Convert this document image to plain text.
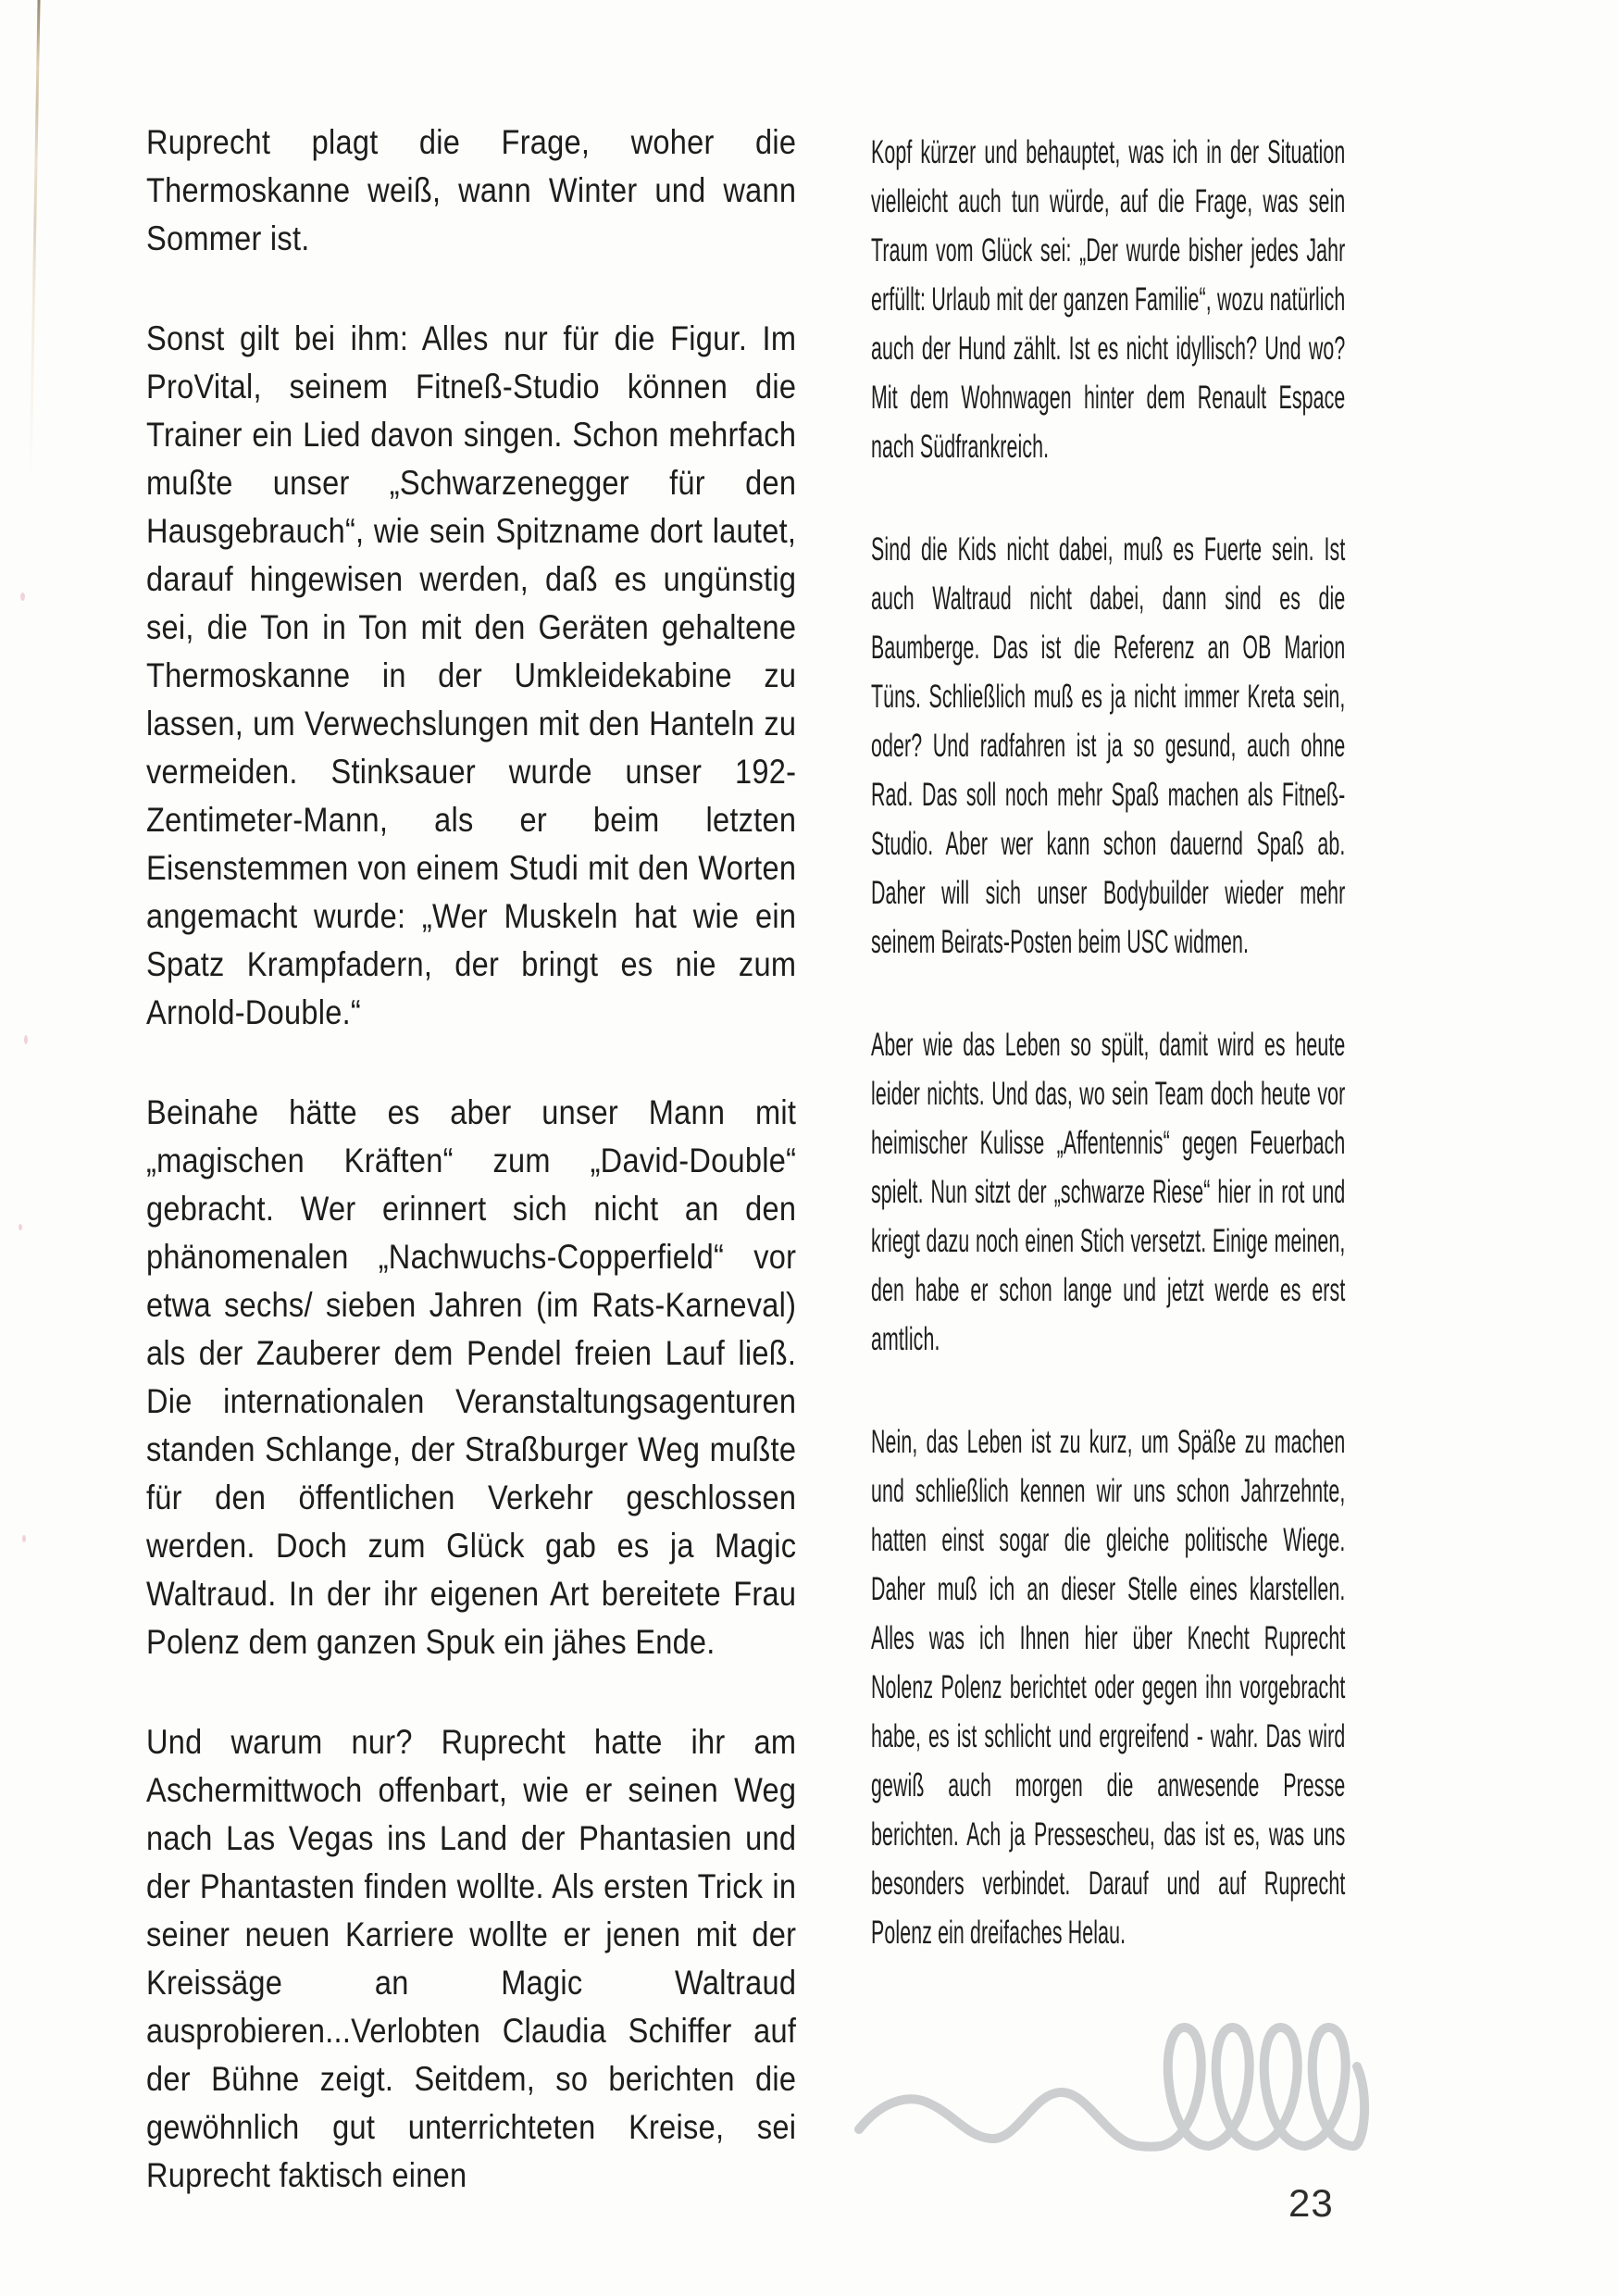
Ruprecht plagt die Frage, woher die Thermoskanne weiß, wann Winter und wann Sommer ist.

Sonst gilt bei ihm: Alles nur für die Figur. Im ProVital, seinem Fitneß-Studio können die Trainer ein Lied davon singen. Schon mehrfach mußte unser „Schwarzenegger für den Hausgebrauch“, wie sein Spitzname dort lautet, darauf hingewisen werden, daß es ungünstig sei, die Ton in Ton mit den Geräten gehaltene Thermoskanne in der Umkleidekabine zu lassen, um Verwechslungen mit den Hanteln zu vermeiden. Stinksauer wurde unser 192-Zentimeter-Mann, als er beim letzten Eisenstemmen von einem Studi mit den Worten angemacht wurde: „Wer Muskeln hat wie ein Spatz Krampfadern, der bringt es nie zum Arnold-Double.“

Beinahe hätte es aber unser Mann mit „magischen Kräften“ zum „David-Double“ gebracht. Wer erinnert sich nicht an den phänomenalen „Nachwuchs-Copperfield“ vor etwa sechs/ sieben Jahren (im Rats-Karneval) als der Zauberer dem Pendel freien Lauf ließ. Die internationalen Veranstaltungsagenturen standen Schlange, der Straßburger Weg mußte für den öffentlichen Verkehr geschlossen werden. Doch zum Glück gab es ja Magic Waltraud. In der ihr eigenen Art bereitete Frau Polenz dem ganzen Spuk ein jähes Ende.

Und warum nur? Ruprecht hatte ihr am Aschermittwoch offenbart, wie er seinen Weg nach Las Vegas ins Land der Phantasien und der Phantasten finden wollte. Als ersten Trick in seiner neuen Karriere wollte er jenen mit der Kreissäge an Magic Waltraud ausprobieren...Verlobten Claudia Schiffer auf der Bühne zeigt. Seitdem, so berichten die gewöhnlich gut unterrichteten Kreise, sei Ruprecht faktisch einen

Kopf kürzer und behauptet, was ich in der Situation vielleicht auch tun würde, auf die Frage, was sein Traum vom Glück sei: „Der wurde bisher jedes Jahr erfüllt: Urlaub mit der ganzen Familie“, wozu natürlich auch der Hund zählt. Ist es nicht idyllisch? Und wo? Mit dem Wohnwagen hinter dem Renault Espace nach Südfrankreich.

Sind die Kids nicht dabei, muß es Fuerte sein. Ist auch Waltraud nicht dabei, dann sind es die Baumberge. Das ist die Referenz an OB Marion Tüns. Schließlich muß es ja nicht immer Kreta sein, oder? Und radfahren ist ja so gesund, auch ohne Rad. Das soll noch mehr Spaß machen als Fitneß-Studio. Aber wer kann schon dauernd Spaß ab. Daher will sich unser Bodybuilder wieder mehr seinem Beirats-Posten beim USC widmen.

Aber wie das Leben so spült, damit wird es heute leider nichts. Und das, wo sein Team doch heute vor heimischer Kulisse „Affentennis“ gegen Feuerbach spielt. Nun sitzt der „schwarze Riese“ hier in rot und kriegt dazu noch einen Stich versetzt. Einige meinen, den habe er schon lange und jetzt werde es erst amtlich.

Nein, das Leben ist zu kurz, um Späße zu machen und schließlich kennen wir uns schon Jahrzehnte, hatten einst sogar die gleiche politische Wiege. Daher muß ich an dieser Stelle eines klarstellen. Alles was ich Ihnen hier über Knecht Ruprecht Nolenz Polenz berichtet oder gegen ihn vorgebracht habe, es ist schlicht und ergreifend - wahr. Das wird gewiß auch morgen die anwesende Presse berichten. Ach ja Pressescheu, das ist es, was uns besonders verbindet. Darauf und auf Ruprecht Polenz ein dreifaches Helau.

23
